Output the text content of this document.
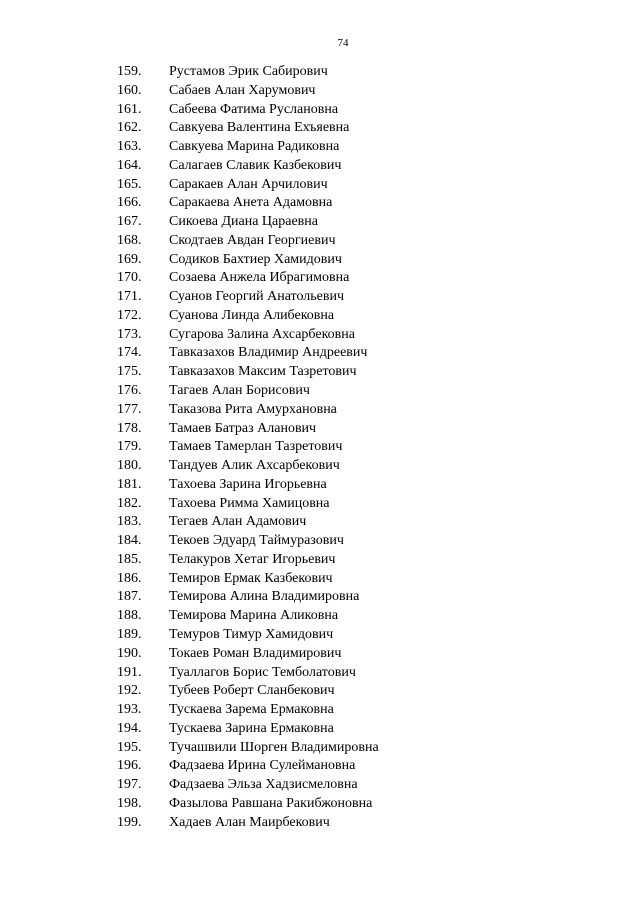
74
159. Рустамов Эрик Сабирович
160. Сабаев Алан Харумович
161. Сабеева Фатима Руслановна
162. Савкуева Валентина Ехъяевна
163. Савкуева Марина Радиковна
164. Салагаев Славик Казбекович
165. Саракаев Алан Арчилович
166. Саракаева Анета Адамовна
167. Сикоева Диана Цараевна
168. Скодтаев Авдан Георгиевич
169. Содиков Бахтиер Хамидович
170. Созаева Анжела Ибрагимовна
171. Суанов Георгий Анатольевич
172. Суанова Линда Алибековна
173. Сугарова Залина Ахсарбековна
174. Тавказахов Владимир Андреевич
175. Тавказахов Максим Тазретович
176. Тагаев Алан Борисович
177. Таказова Рита Амурхановна
178. Тамаев Батраз Аланович
179. Тамаев Тамерлан Тазретович
180. Тандуев Алик Ахсарбекович
181. Тахоева Зарина Игорьевна
182. Тахоева Римма Хамицовна
183. Тегаев Алан Адамович
184. Текоев Эдуард Таймуразович
185. Телакуров Хетаг Игорьевич
186. Темиров Ермак Казбекович
187. Темирова Алина Владимировна
188. Темирова Марина Аликовна
189. Темуров Тимур Хамидович
190. Токаев Роман Владимирович
191. Туаллагов Борис Темболатович
192. Тубеев Роберт Сланбекович
193. Тускаева Зарема Ермаковна
194. Тускаева Зарина Ермаковна
195. Тучашвили Шорген Владимировна
196. Фадзаева Ирина Сулеймановна
197. Фадзаева Эльза Хадзисмеловна
198. Фазылова Равшана Ракибжоновна
199. Хадаев Алан Маирбекович
